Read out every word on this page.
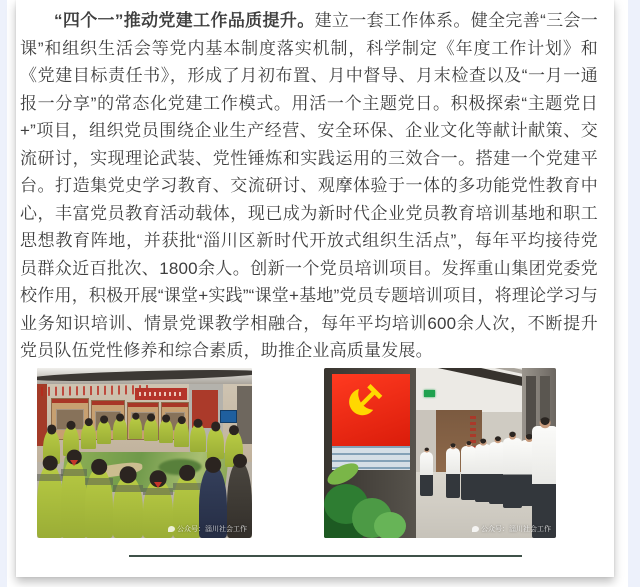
“四个一”推动党建工作品质提升。建立一套工作体系。健全完善“三会一课”和组织生活会等党内基本制度落实机制，科学制定《年度工作计划》和《党建目标责任书》，形成了月初布置、月中督导、月末检查以及“一月一通报一分享”的常态化党建工作模式。用活一个主题党日。积极探索“主题党日+”项目，组织党员围绕企业生产经营、安全环保、企业文化等献计献策、交流研讨，实现理论武装、党性锤炼和实践运用的三效合一。搭建一个党建平台。打造集党史学习教育、交流研讨、观摩体验于一体的多功能党性教育中心，丰富党员教育活动载体，现已成为新时代企业党员教育培训基地和职工思想教育阵地，并获批“淄川区新时代开放式组织生活点”，每年平均接待党员群众近百批次、1800余人。创新一个党员培训项目。发挥重山集团党委党校作用，积极开展“课堂+实践”“课堂+基地”党员专题培训项目，将理论学习与业务知识培训、情景党课教学相融合，每年平均培训600余人次，不断提升党员队伍党性修养和综合素质，助推企业高质量发展。

公众号：淄川社会工作	公众号：淄川社会工作
